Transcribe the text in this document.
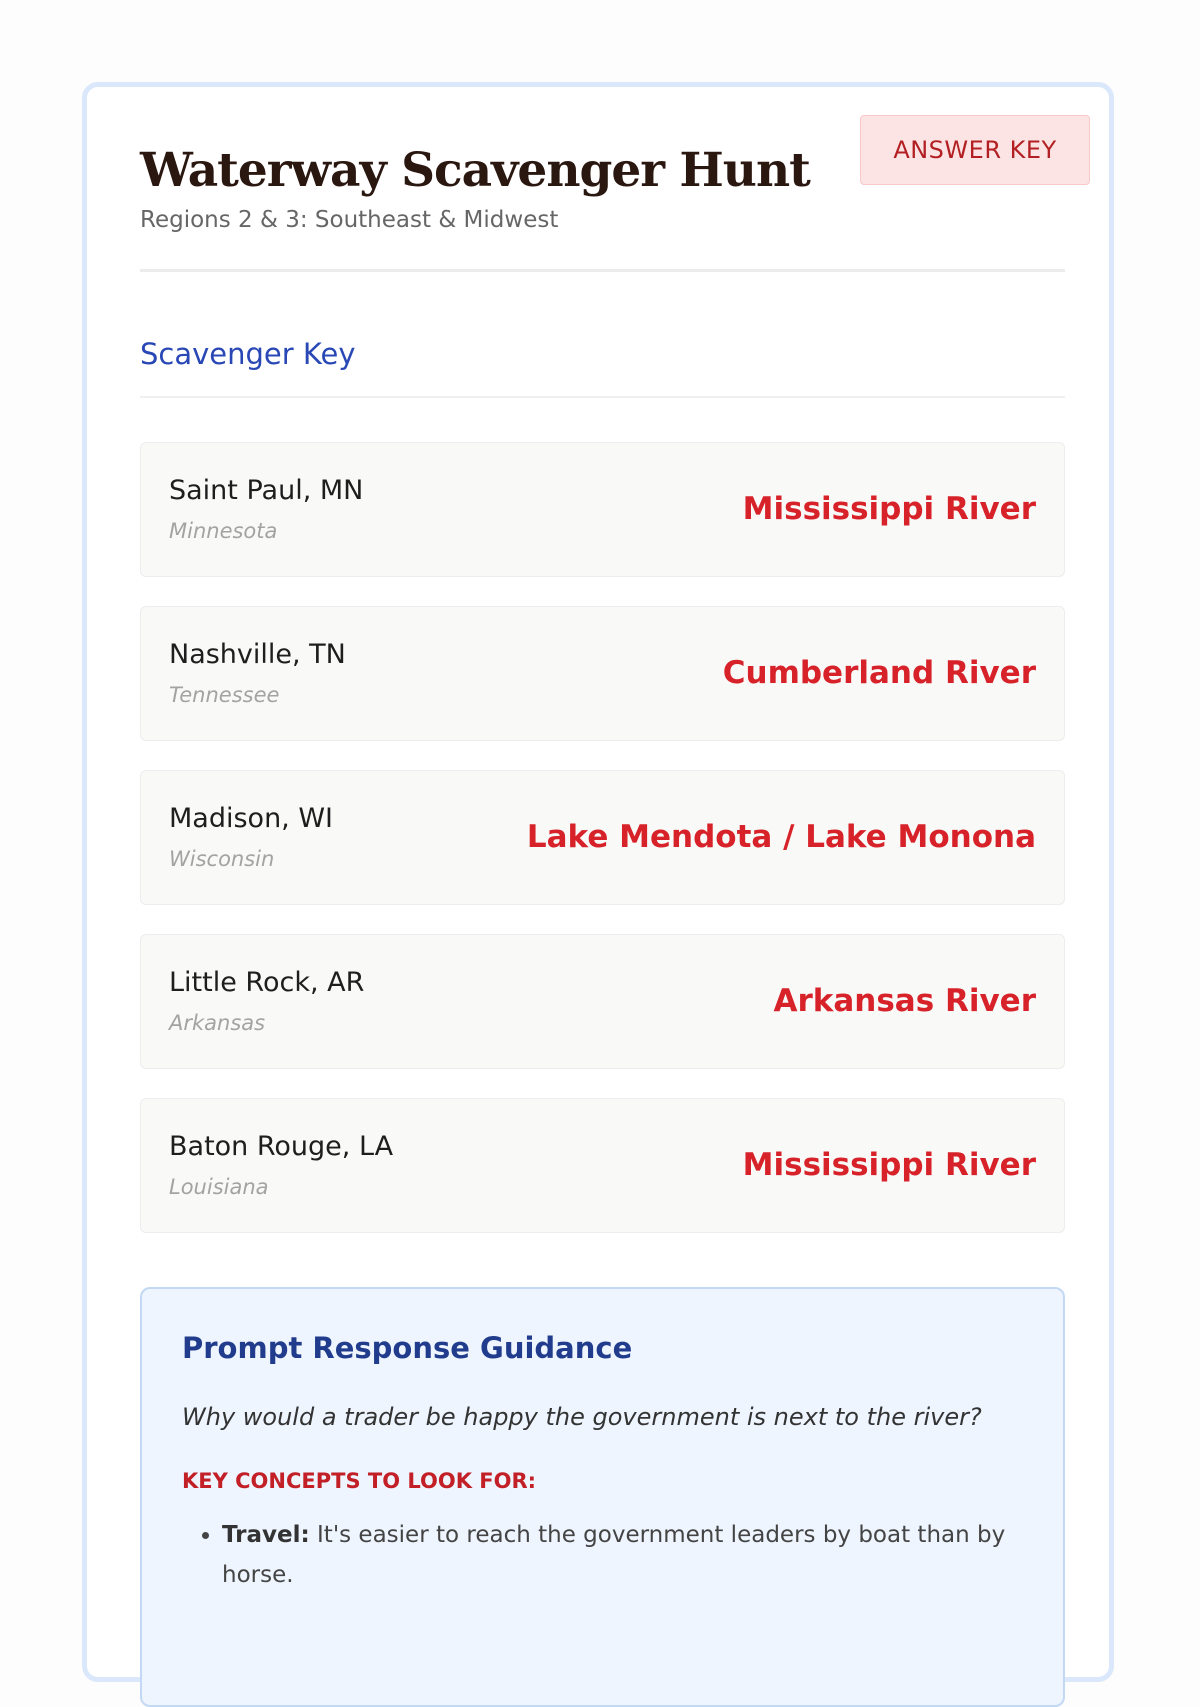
ANSWER KEY
Waterway Scavenger Hunt
Regions 2 & 3: Southeast & Midwest
Scavenger Key
Saint Paul, MN
Minnesota
Mississippi River
Nashville, TN
Tennessee
Cumberland River
Madison, WI
Wisconsin
Lake Mendota / Lake Monona
Little Rock, AR
Arkansas
Arkansas River
Baton Rouge, LA
Louisiana
Mississippi River
Prompt Response Guidance
Why would a trader be happy the government is next to the river?
KEY CONCEPTS TO LOOK FOR:
• Travel: It's easier to reach the government leaders by boat than by horse.
